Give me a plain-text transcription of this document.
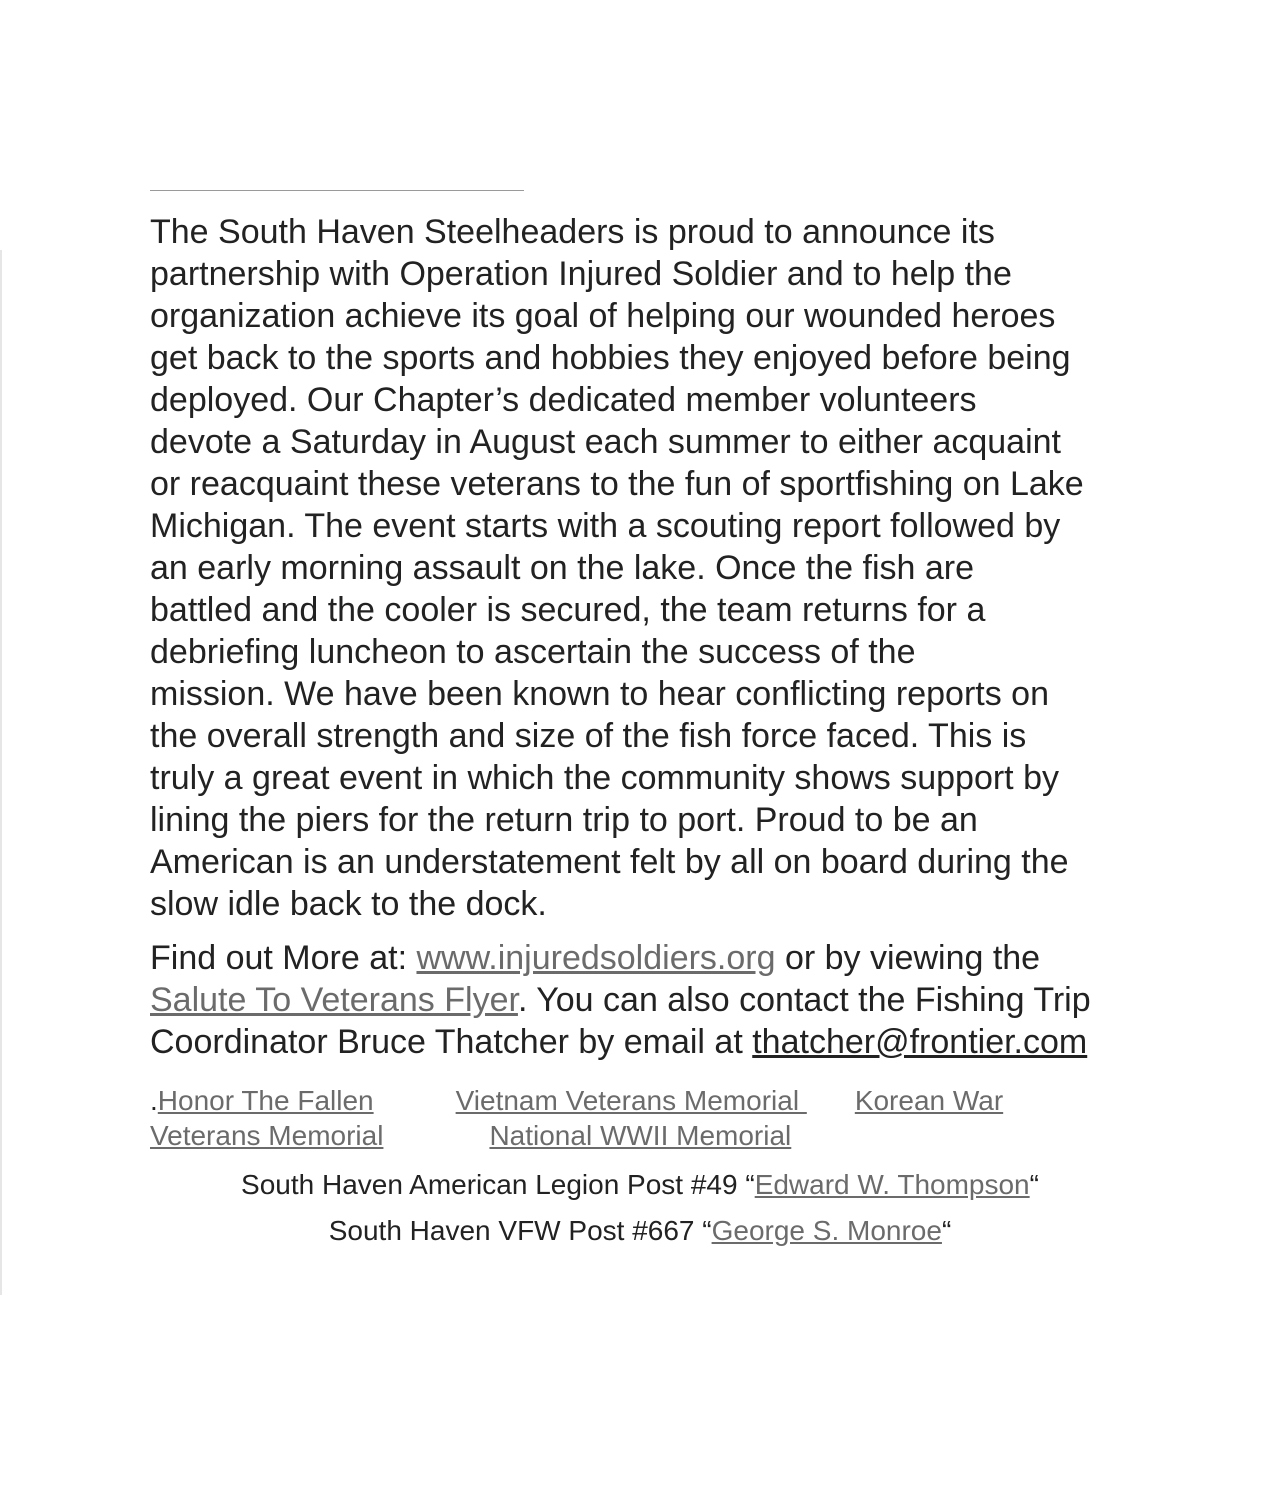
The South Haven Steelheaders is proud to announce its
partnership with Operation Injured Soldier and to help the
organization achieve its goal of helping our wounded heroes
get back to the sports and hobbies they enjoyed before being
deployed. Our Chapter’s dedicated member volunteers
devote a Saturday in August each summer to either acquaint
or reacquaint these veterans to the fun of sportfishing on Lake
Michigan. The event starts with a scouting report followed by
an early morning assault on the lake. Once the fish are
battled and the cooler is secured, the team returns for a
debriefing luncheon to ascertain the success of the
mission. We have been known to hear conflicting reports on
the overall strength and size of the fish force faced. This is
truly a great event in which the community shows support by
lining the piers for the return trip to port. Proud to be an
American is an understatement felt by all on board during the
slow idle back to the dock.

Find out More at: www.injuredsoldiers.org or by viewing the Salute To Veterans Flyer. You can also contact the Fishing Trip Coordinator Bruce Thatcher by email at thatcher@frontier.com

.Honor The Fallen	Vietnam Veterans Memorial Korean War Veterans Memorial	National WWII Memorial
South Haven American Legion Post #49 “Edward W. Thompson“
South Haven VFW Post #667 “George S. Monroe“
